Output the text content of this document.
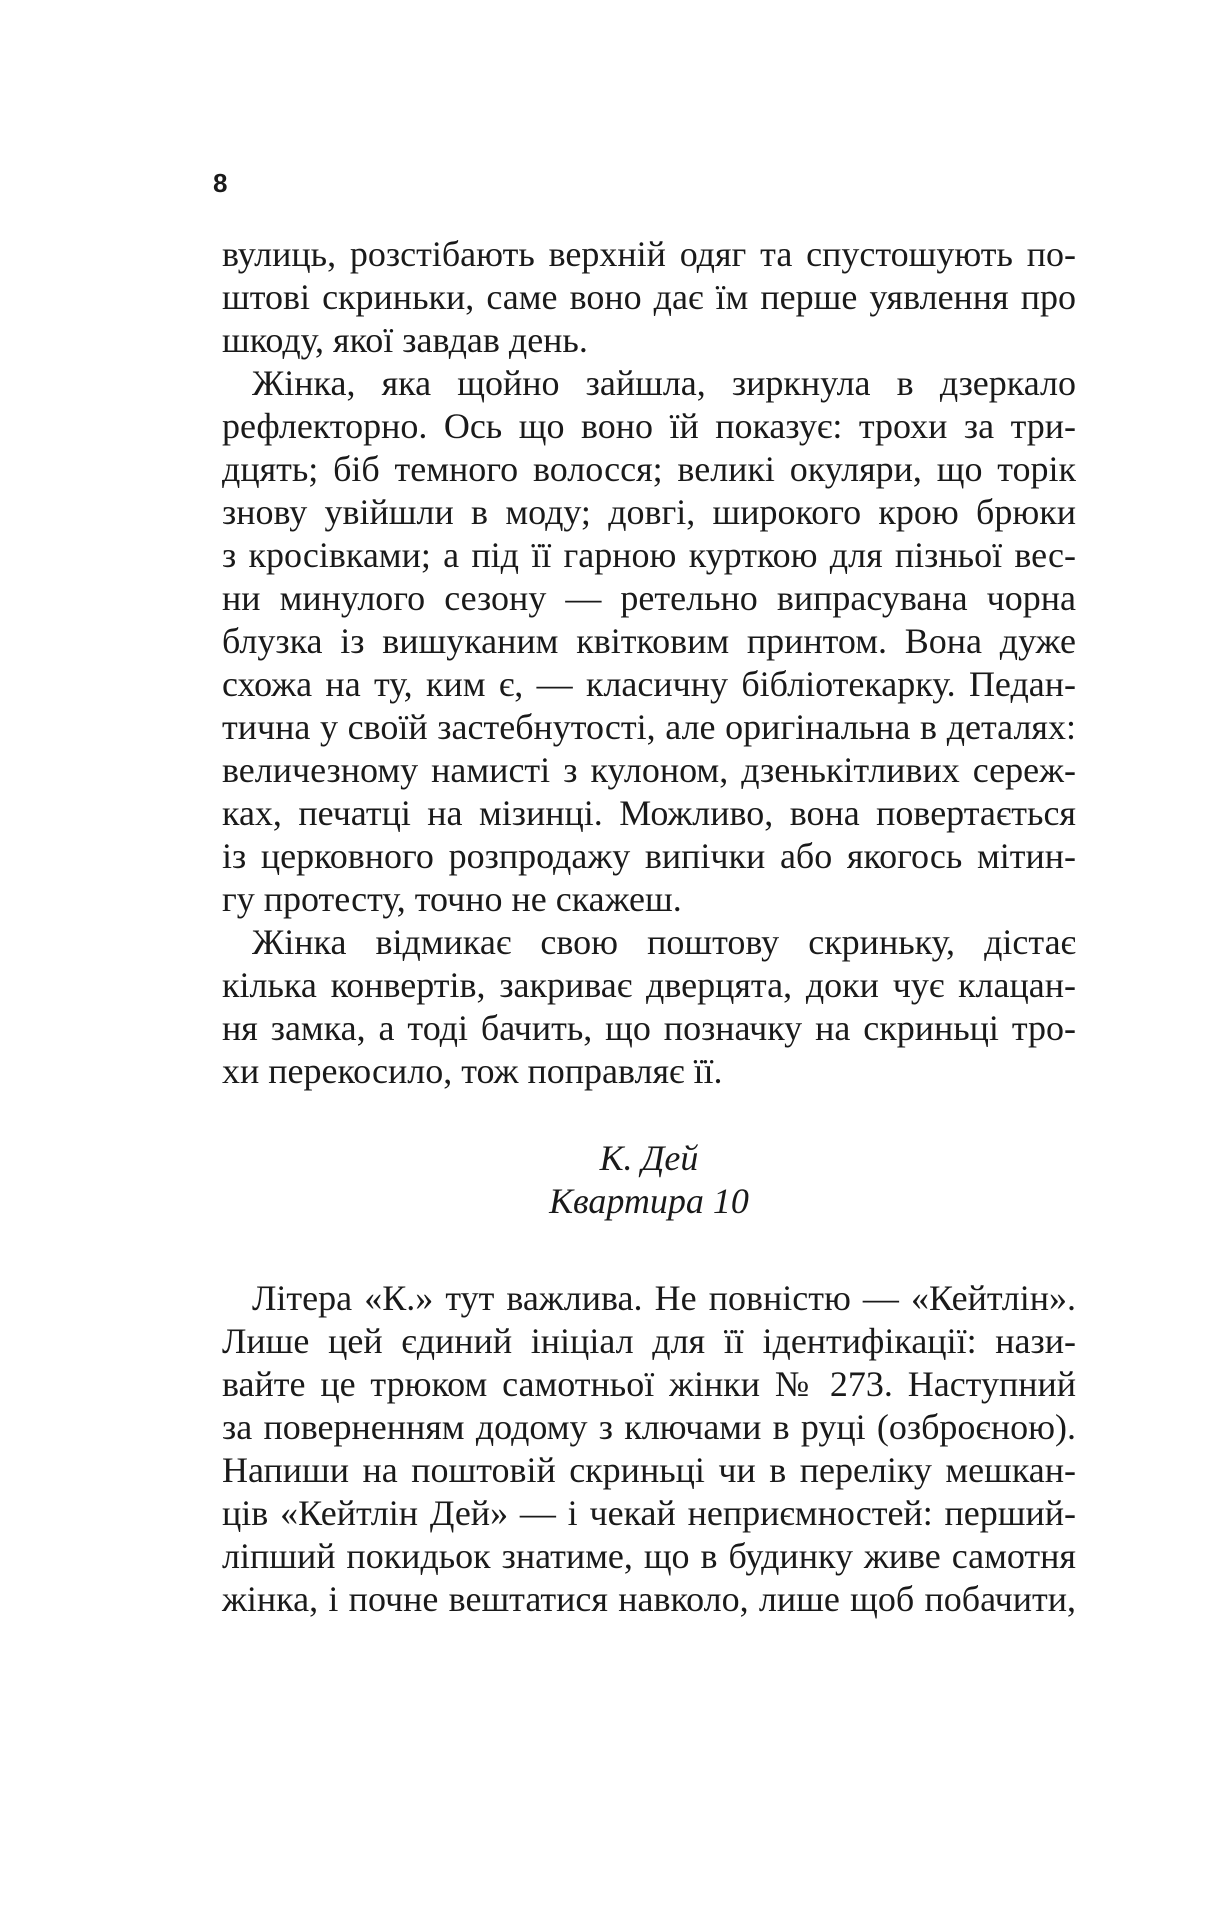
8
вулиць, розстібають верхній одяг та спустошують по-
штові скриньки, саме воно дає їм перше уявлення про
шкоду, якої завдав день.
Жінка, яка щойно зайшла, зиркнула в дзеркало
рефлекторно. Ось що воно їй показує: трохи за три-
дцять; біб темного волосся; великі окуляри, що торік
знову увійшли в моду; довгі, широкого крою брюки
з кросівками; а під її гарною курткою для пізньої вес-
ни минулого сезону — ретельно випрасувана чорна
блузка із вишуканим квітковим принтом. Вона дуже
схожа на ту, ким є, — класичну бібліотекарку. Педан-
тична у своїй застебнутості, але оригінальна в деталях:
величезному намисті з кулоном, дзенькітливих сереж-
ках, печатці на мізинці. Можливо, вона повертається
із церковного розпродажу випічки або якогось мітин-
гу протесту, точно не скажеш.
Жінка відмикає свою поштову скриньку, дістає
кілька конвертів, закриває дверцята, доки чує клацан-
ня замка, а тоді бачить, що позначку на скриньці тро-
хи перекосило, тож поправляє її.
К. Дей
Квартира 10
Літера «К.» тут важлива. Не повністю — «Кейтлін».
Лише цей єдиний ініціал для її ідентифікації: нази-
вайте це трюком самотньої жінки № 273. Наступний
за поверненням додому з ключами в руці (озброєною).
Напиши на поштовій скриньці чи в переліку мешкан-
ців «Кейтлін Дей» — і чекай неприємностей: перший-
ліпший покидьок знатиме, що в будинку живе самотня
жінка, і почне вештатися навколо, лише щоб побачити,
